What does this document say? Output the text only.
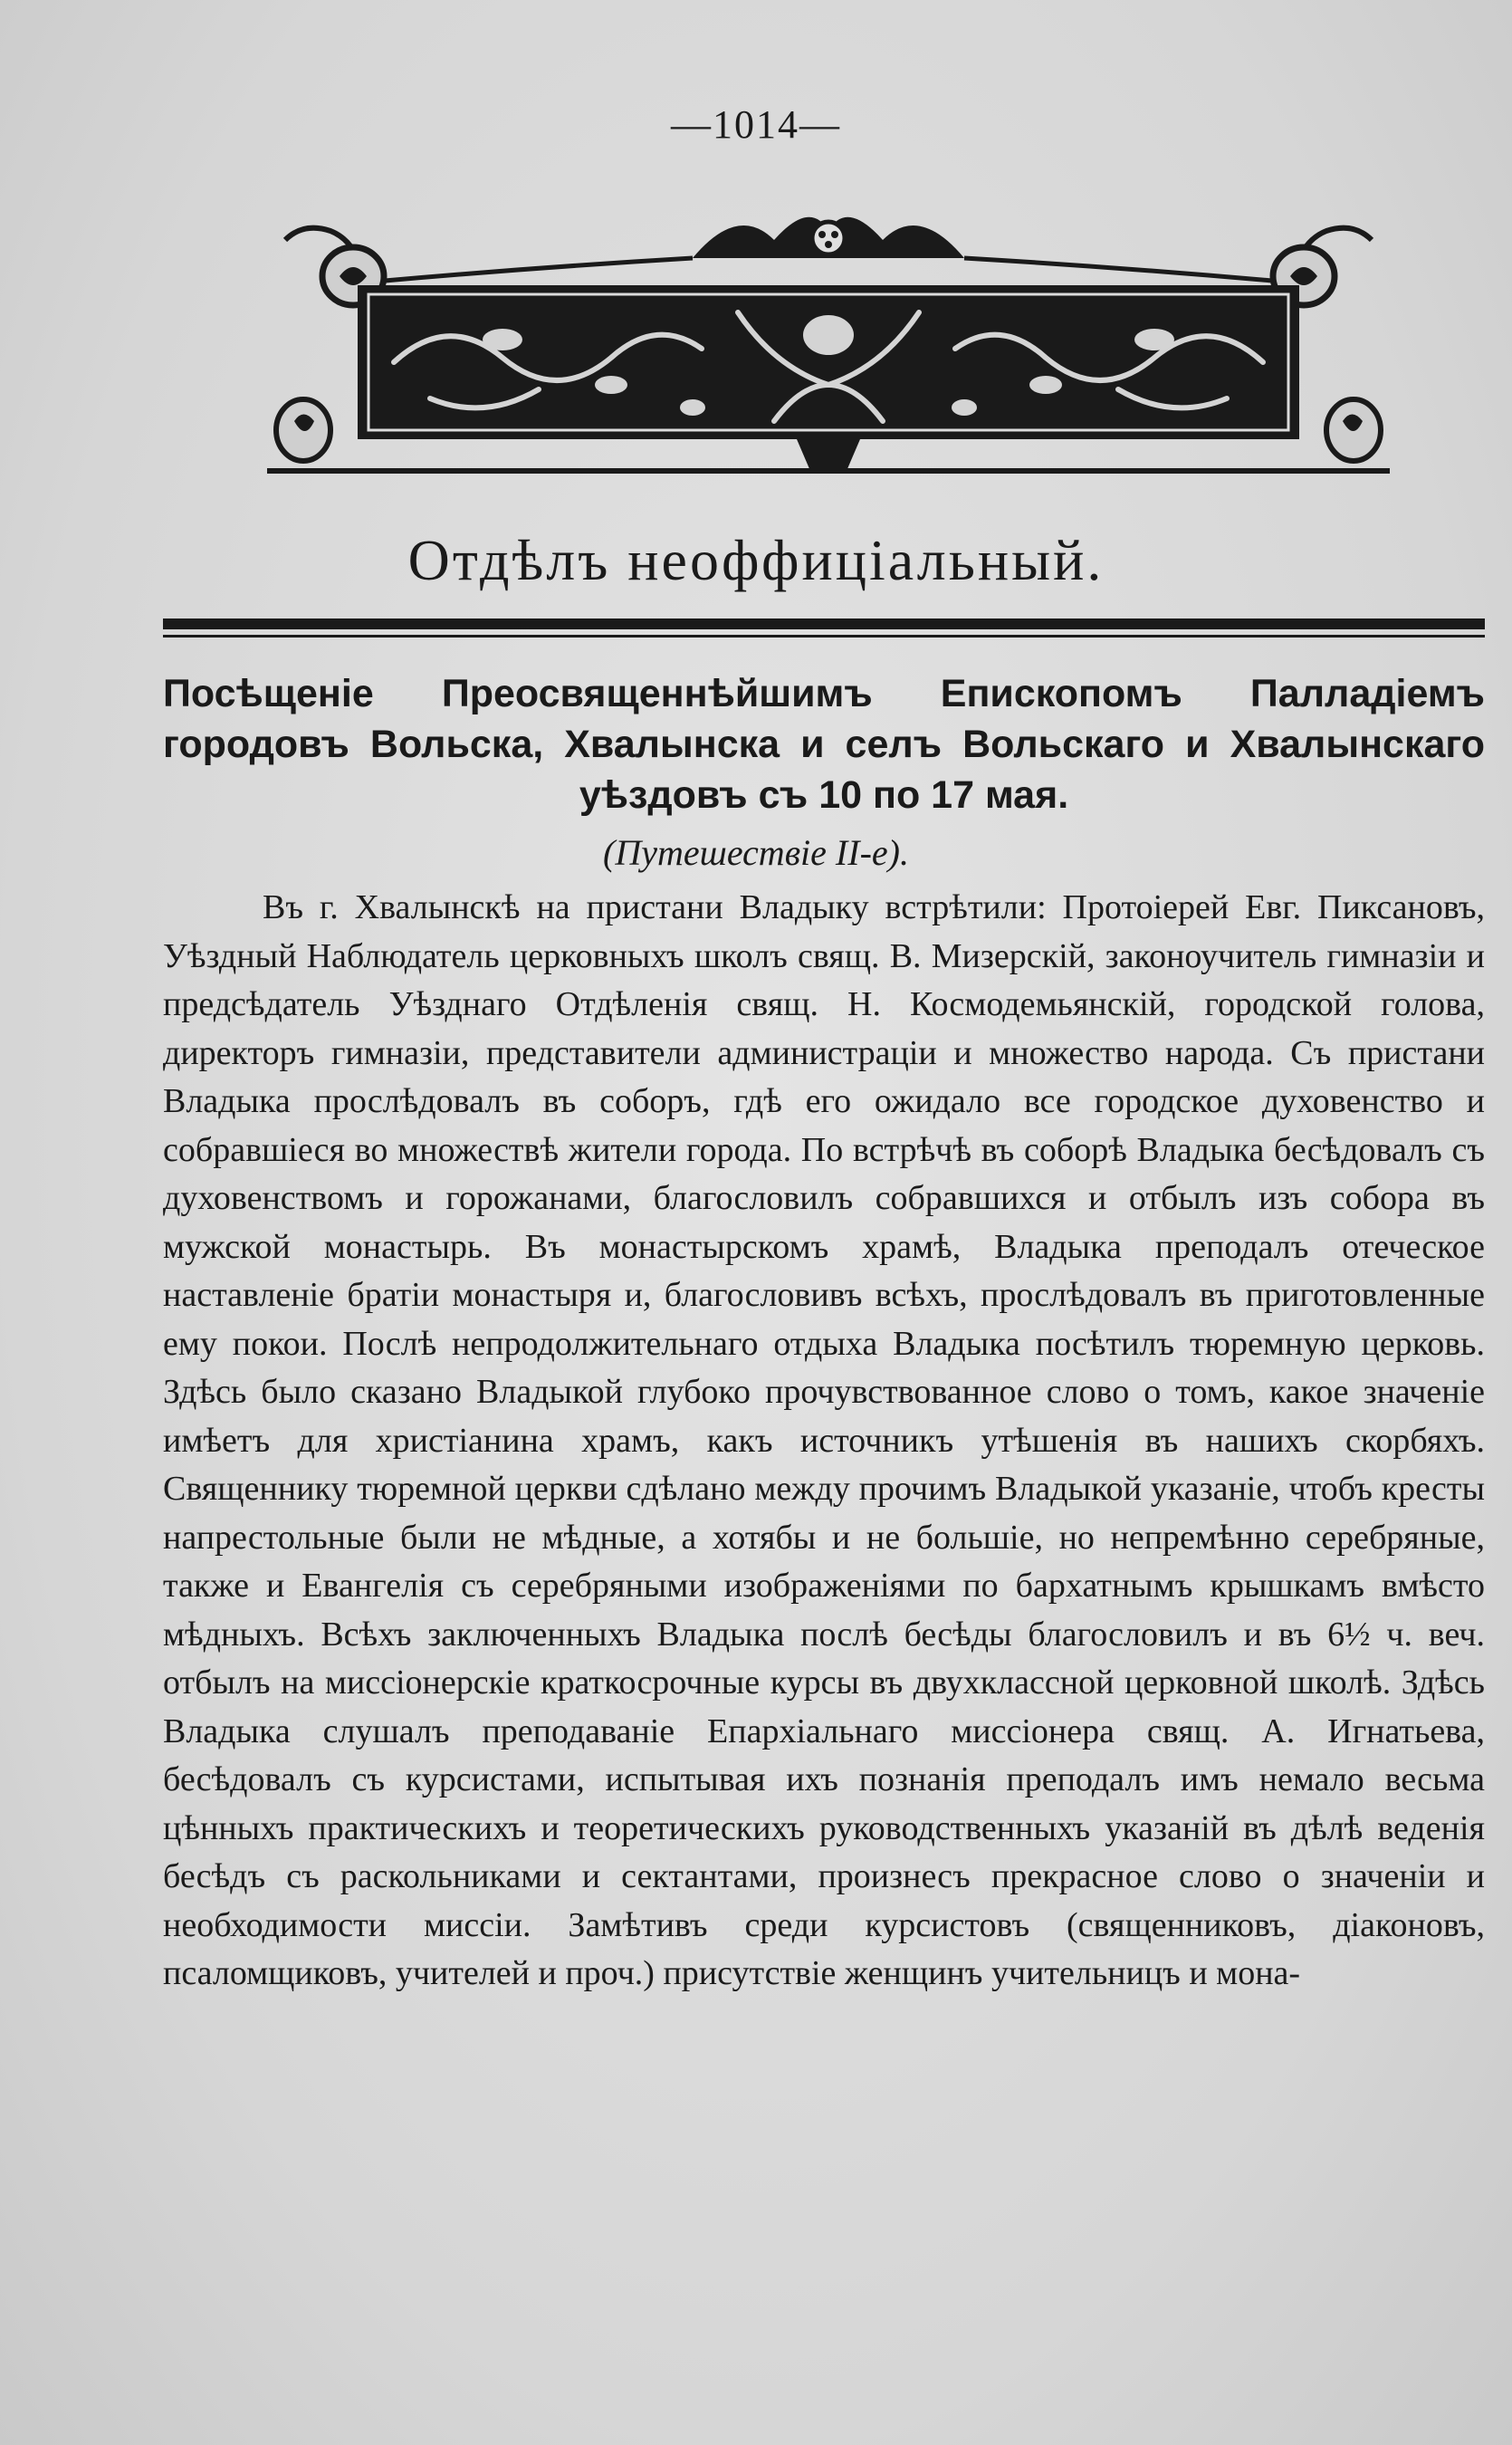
—1014—
Отдѣлъ неоффиціальный.
Посѣщеніе Преосвященнѣйшимъ Епископомъ Палладіемъ городовъ Вольска, Хвалынска и селъ Вольскаго и Хвалынскаго уѣздовъ съ 10 по 17 мая.
(Путешествіе II-е).

Въ г. Хвалынскѣ на пристани Владыку встрѣтили: Протоіерей Евг. Пиксановъ, Уѣздный Наблюдатель церковныхъ школъ свящ. В. Мизерскій, законоучитель гимназіи и предсѣдатель Уѣзднаго Отдѣленія свящ. Н. Космодемьянскій, городской голова, директоръ гимназіи, представители администраціи и множество народа. Съ пристани Владыка прослѣдовалъ въ соборъ, гдѣ его ожидало все городское духовенство и собравшіеся во множествѣ жители города. По встрѣчѣ въ соборѣ Владыка бесѣдовалъ съ духовенствомъ и горожанами, благословилъ собравшихся и отбылъ изъ собора въ мужской монастырь. Въ монастырскомъ храмѣ, Владыка преподалъ отеческое наставленіе братіи монастыря и, благословивъ всѣхъ, прослѣдовалъ въ приготовленные ему покои. Послѣ непродолжительнаго отдыха Владыка посѣтилъ тюремную церковь. Здѣсь было сказано Владыкой глубоко прочувствованное слово о томъ, какое значеніе имѣетъ для христіанина храмъ, какъ источникъ утѣшенія въ нашихъ скорбяхъ. Священнику тюремной церкви сдѣлано между прочимъ Владыкой указаніе, чтобъ кресты напрестольные были не мѣдные, а хотябы и не большіе, но непремѣнно серебряные, также и Евангелія съ серебряными изображеніями по бархатнымъ крышкамъ вмѣсто мѣдныхъ. Всѣхъ заключенныхъ Владыка послѣ бесѣды благословилъ и въ 6½ ч. веч. отбылъ на миссіонерскіе краткосрочные курсы въ двухклассной церковной школѣ. Здѣсь Владыка слушалъ преподаваніе Епархіальнаго миссіонера свящ. А. Игнатьева, бесѣдовалъ съ курсистами, испытывая ихъ познанія преподалъ имъ немало весьма цѣнныхъ практическихъ и теоретическихъ руководственныхъ указаній въ дѣлѣ веденія бесѣдъ съ раскольниками и сектантами, произнесъ прекрасное слово о значеніи и необходимости миссіи. Замѣтивъ среди курсистовъ (священниковъ, діаконовъ, псаломщиковъ, учителей и проч.) присутствіе женщинъ учительницъ и мона-
